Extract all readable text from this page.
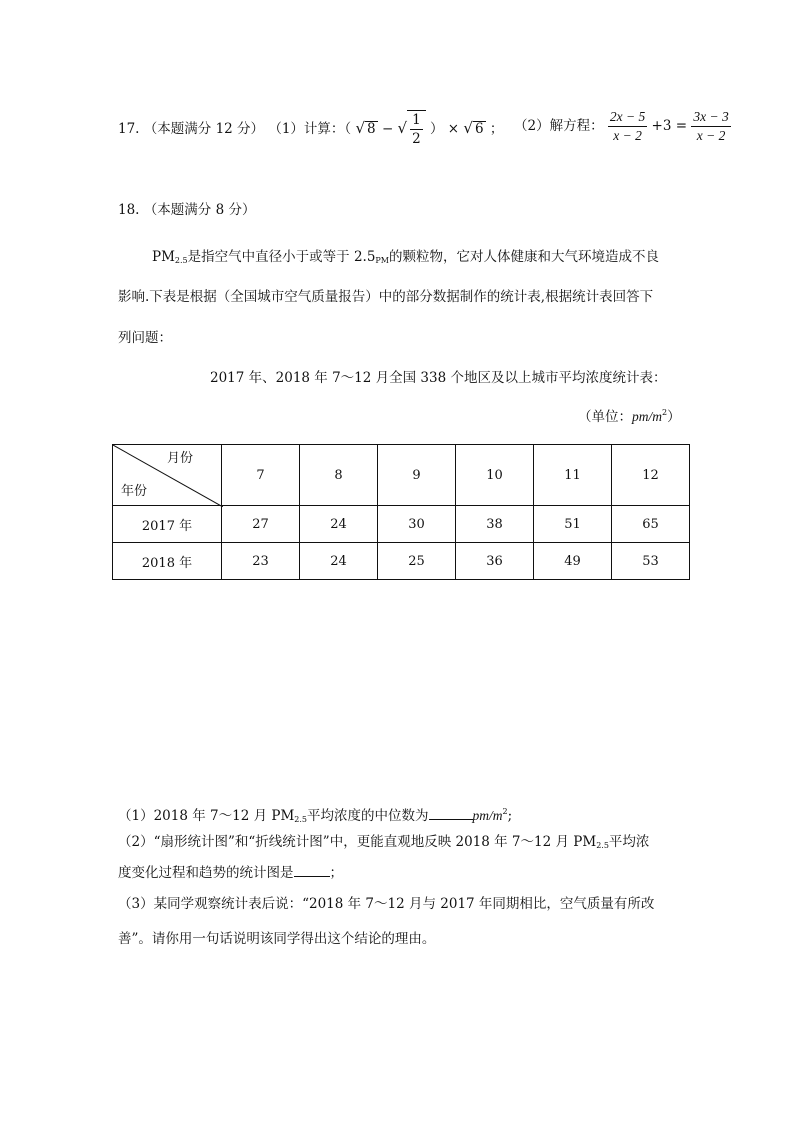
17. （本题满分 12 分） （1）计算：（ √ 8 − √ $\frac{1}{2}$ ） × √ 6 ； （2）解方程： $\frac{2x - 5}{x - 2} +3 = \frac{3x - 3}{x - 2}$
18. （本题满分 8 分）
$PM_{2.5}$是指空气中直径小于或等于 $2.5_{PM}$的颗粒物，它对人体健康和大气环境造成不良
影响.下表是根据（全国城市空气质量报告）中的部分数据制作的统计表,根据统计表回答下
列问题：
2017 年、2018 年 7～12 月全国 338 个地区及以上城市平均浓度统计表：
（单位：$pm/m^2$）
月份
年份	7	8	9	10	11	12
2017 年	27	24	30	38	51	65
2018 年	23	24	25	36	49	53
（1）2018 年 7～12 月 $PM_{2.5}$平均浓度的中位数为	$pm/m^2$;
（2）“扇形统计图”和“折线统计图”中，更能直观地反映 2018 年 7～12 月 $PM_{2.5}$平均浓
度变化过程和趋势的统计图是	；
（3）某同学观察统计表后说：“2018 年 7～12 月与 2017 年同期相比，空气质量有所改
善”。请你用一句话说明该同学得出这个结论的理由。
